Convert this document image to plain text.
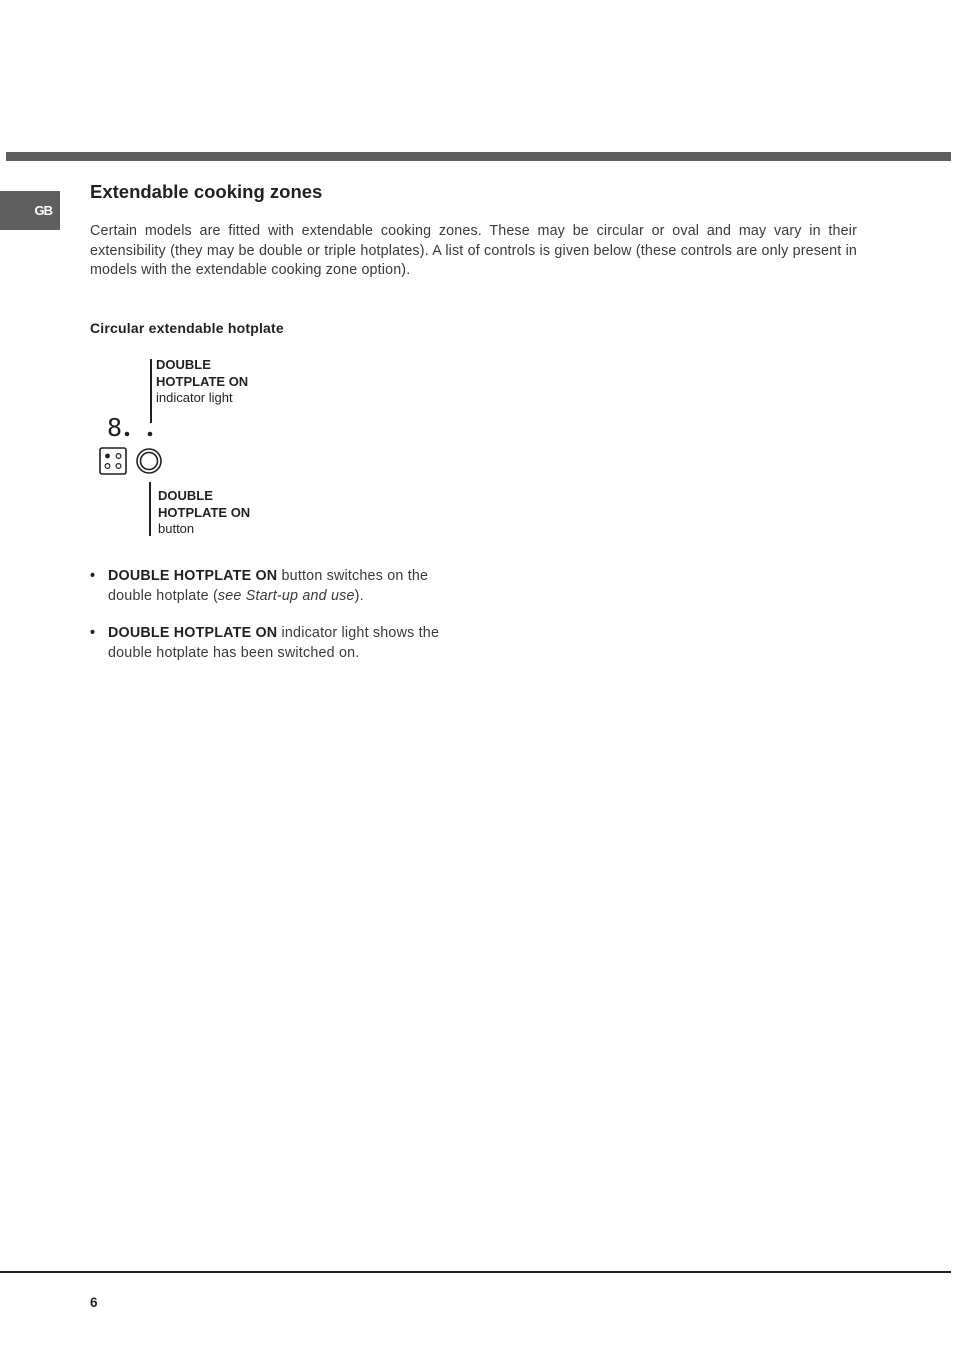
GB
Extendable cooking zones

Certain models are fitted with extendable cooking zones. These may be circular or oval and may vary in their extensibility (they may be double or triple hotplates). A list of controls is given below (these controls are only present in models with the extendable cooking zone option).

Circular extendable hotplate
DOUBLE
HOTPLATE ON
indicator light
8
DOUBLE
HOTPLATE ON
button
• DOUBLE HOTPLATE ON button switches on the double hotplate (see Start-up and use).
• DOUBLE HOTPLATE ON indicator light shows the double hotplate has been switched on.
6
